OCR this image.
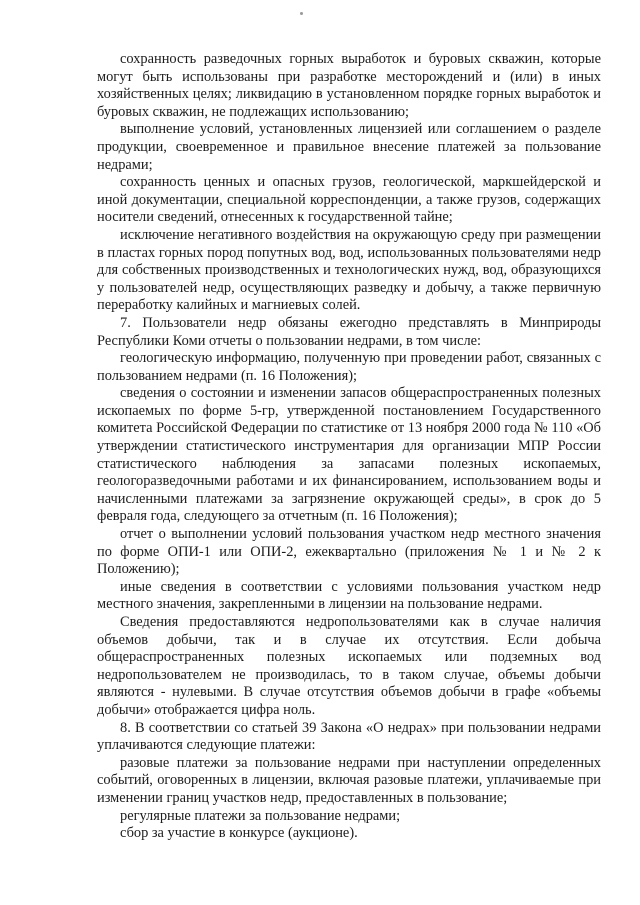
сохранность разведочных горных выработок и буровых скважин, которые могут быть использованы при разработке месторождений и (или) в иных хозяйственных целях; ликвидацию в установленном порядке горных выработок и буровых скважин, не подлежащих использованию;

выполнение условий, установленных лицензией или соглашением о разделе продукции, своевременное и правильное внесение платежей за пользование недрами;

сохранность ценных и опасных грузов, геологической, маркшейдерской и иной документации, специальной корреспонденции, а также грузов, содержащих носители сведений, отнесенных к государственной тайне;

исключение негативного воздействия на окружающую среду при размещении в пластах горных пород попутных вод, вод, использованных пользователями недр для собственных производственных и технологических нужд, вод, образующихся у пользователей недр, осуществляющих разведку и добычу, а также первичную переработку калийных и магниевых солей.

7. Пользователи недр обязаны ежегодно представлять в Минприроды Республики Коми отчеты о пользовании недрами, в том числе:

геологическую информацию, полученную при проведении работ, связанных с пользованием недрами (п. 16 Положения);

сведения о состоянии и изменении запасов общераспространенных полезных ископаемых по форме 5-гр, утвержденной постановлением Государственного комитета Российской Федерации по статистике от 13 ноября 2000 года № 110 «Об утверждении статистического инструментария для организации МПР России статистического наблюдения за запасами полезных ископаемых, геологоразведочными работами и их финансированием, использованием воды и начисленными платежами за загрязнение окружающей среды», в срок до 5 февраля года, следующего за отчетным (п. 16 Положения);

отчет о выполнении условий пользования участком недр местного значения по форме ОПИ-1 или ОПИ-2, ежеквартально (приложения № 1 и № 2 к Положению);

иные сведения в соответствии с условиями пользования участком недр местного значения, закрепленными в лицензии на пользование недрами.

Сведения предоставляются недропользователями как в случае наличия объемов добычи, так и в случае их отсутствия. Если добыча общераспространенных полезных ископаемых или подземных вод недропользователем не производилась, то в таком случае, объемы добычи являются - нулевыми. В случае отсутствия объемов добычи в графе «объемы добычи» отображается цифра ноль.

8. В соответствии со статьей 39 Закона «О недрах» при пользовании недрами уплачиваются следующие платежи:

разовые платежи за пользование недрами при наступлении определенных событий, оговоренных в лицензии, включая разовые платежи, уплачиваемые при изменении границ участков недр, предоставленных в пользование;

регулярные платежи за пользование недрами;

сбор за участие в конкурсе (аукционе).
